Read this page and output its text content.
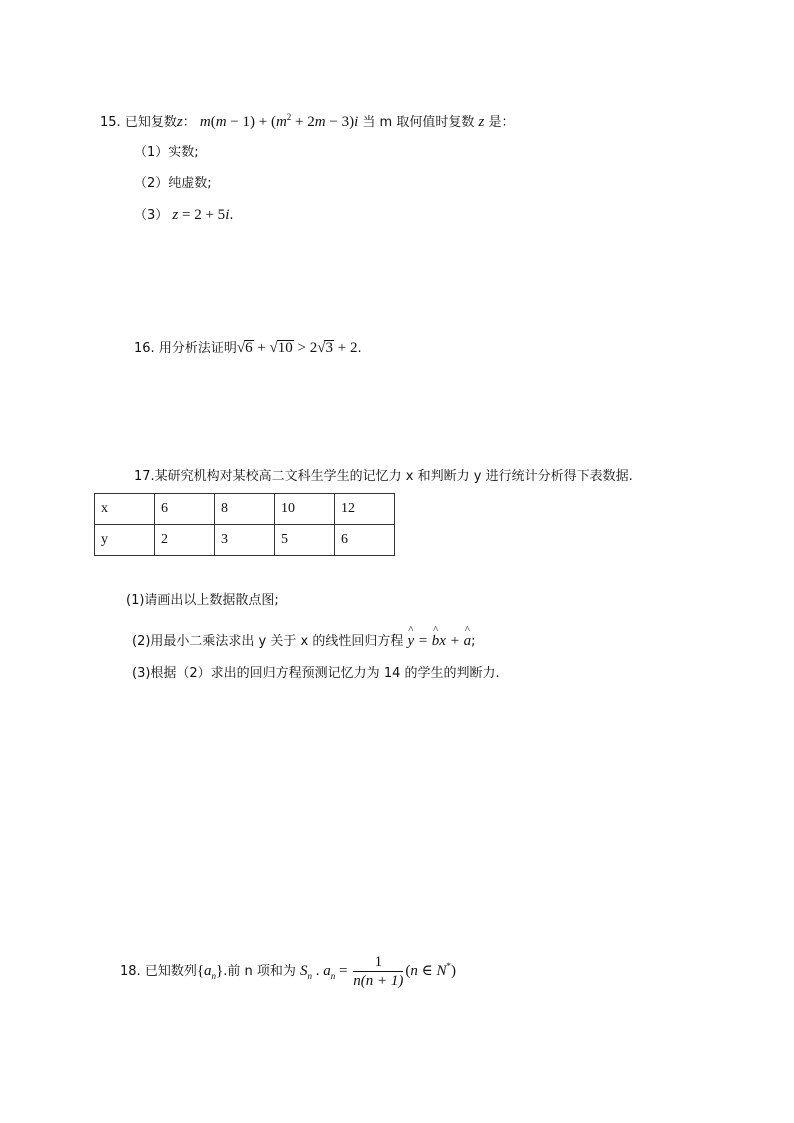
15. 已知复数z： $m(m - 1) + (m^2 + 2m - 3)i$ 当 m 取何值时复数 z 是：
（1）实数;
（2）纯虚数;
（3） z = 2 + 5i.
16. 用分析法证明√6 + √10 > 2√3 + 2.
17.某研究机构对某校高二文科生学生的记忆力 x 和判断力 y 进行统计分析得下表数据.
x	6	8	10	12
y	2	3	5	6
(1)请画出以上数据散点图;
(2)用最小二乘法求出 y 关于 x 的线性回归方程 ^ y = ^ bx + ^ a;
(3)根据（2）求出的回归方程预测记忆力为 14 的学生的判断力.
18. 已知数列$\{a_n\}$.前 n 项和为 $S_n$ . $a_n = \frac{1}{n(n + 1)} (n$ ∈ N*)
